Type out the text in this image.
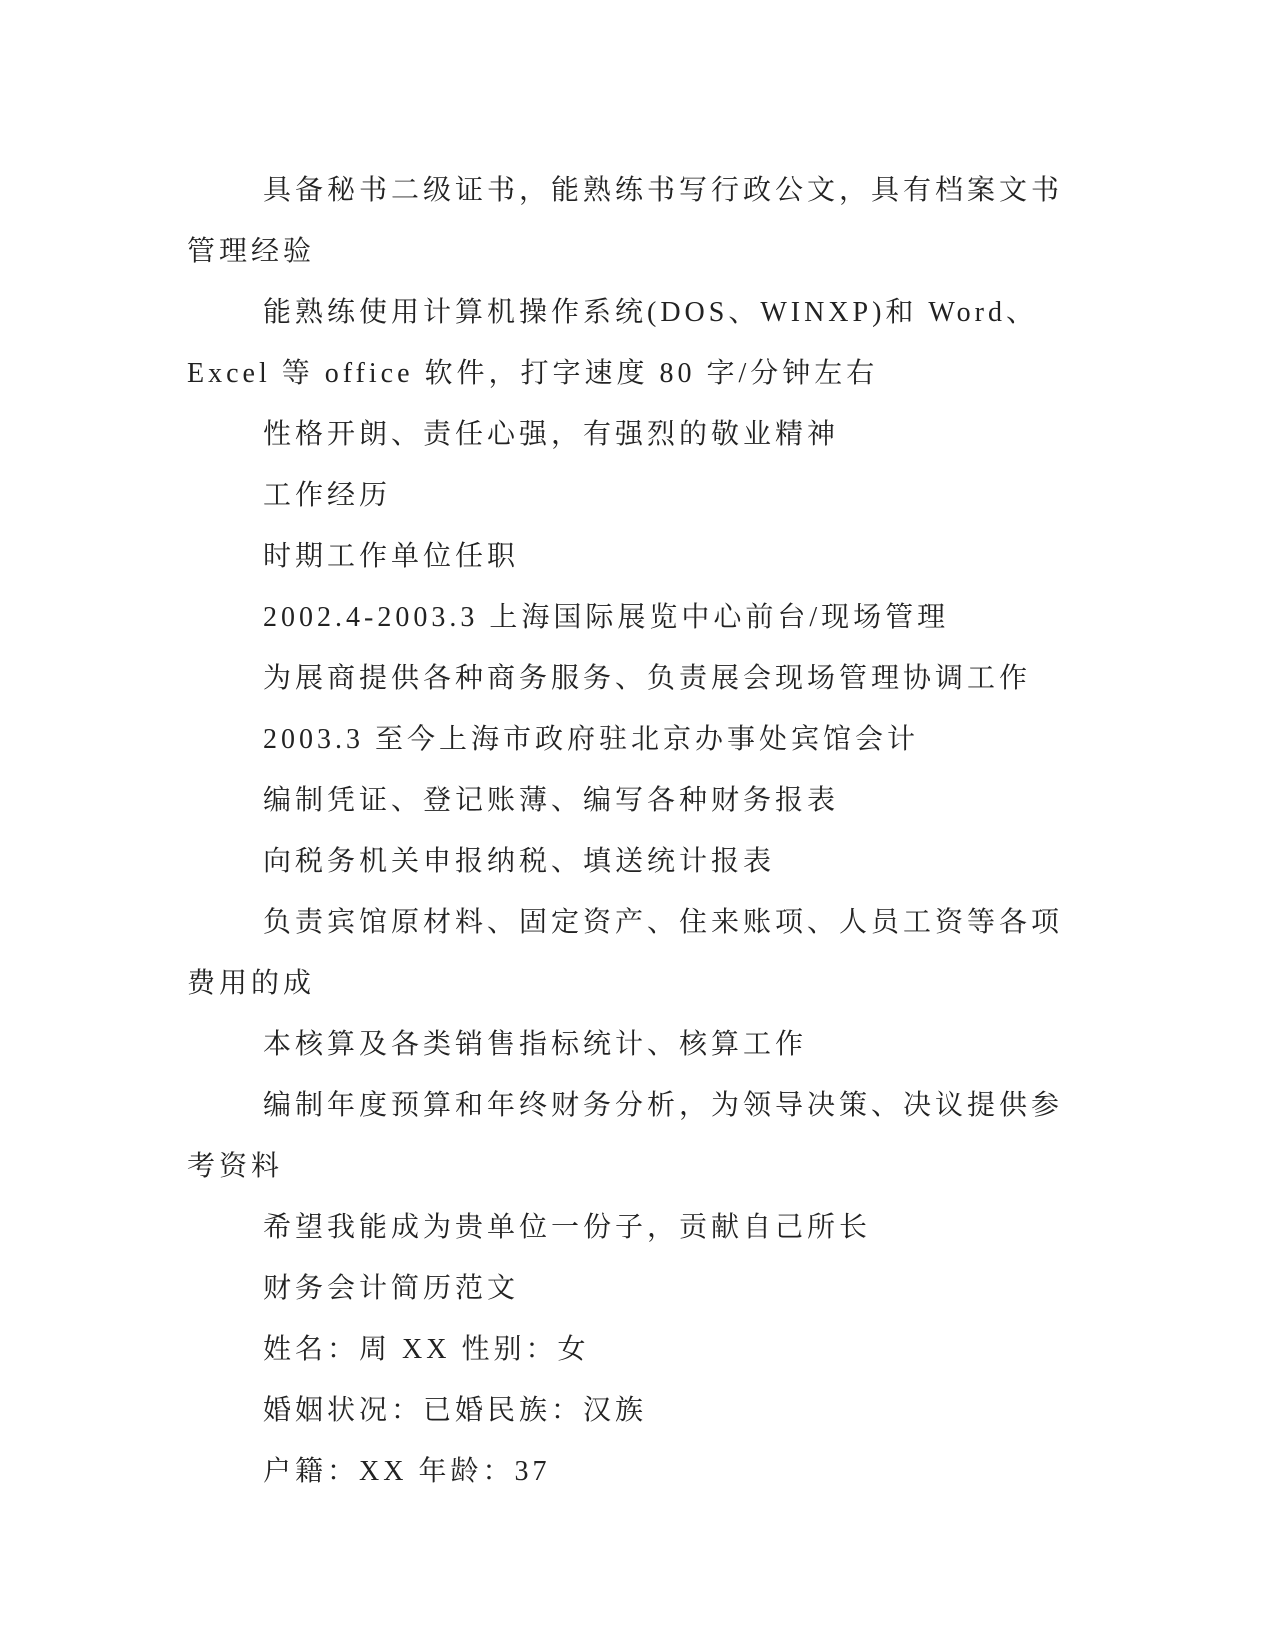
具备秘书二级证书，能熟练书写行政公文，具有档案文书管理经验

能熟练使用计算机操作系统(DOS、WINXP)和 Word、Excel 等 office 软件，打字速度 80 字/分钟左右

性格开朗、责任心强，有强烈的敬业精神

工作经历

时期工作单位任职

2002.4-2003.3 上海国际展览中心前台/现场管理

为展商提供各种商务服务、负责展会现场管理协调工作

2003.3 至今上海市政府驻北京办事处宾馆会计

编制凭证、登记账薄、编写各种财务报表

向税务机关申报纳税、填送统计报表

负责宾馆原材料、固定资产、住来账项、人员工资等各项费用的成

本核算及各类销售指标统计、核算工作

编制年度预算和年终财务分析，为领导决策、决议提供参考资料

希望我能成为贵单位一份子，贡献自己所长

财务会计简历范文

姓名：周 XX 性别：女

婚姻状况：已婚民族：汉族

户籍：XX 年龄：37
